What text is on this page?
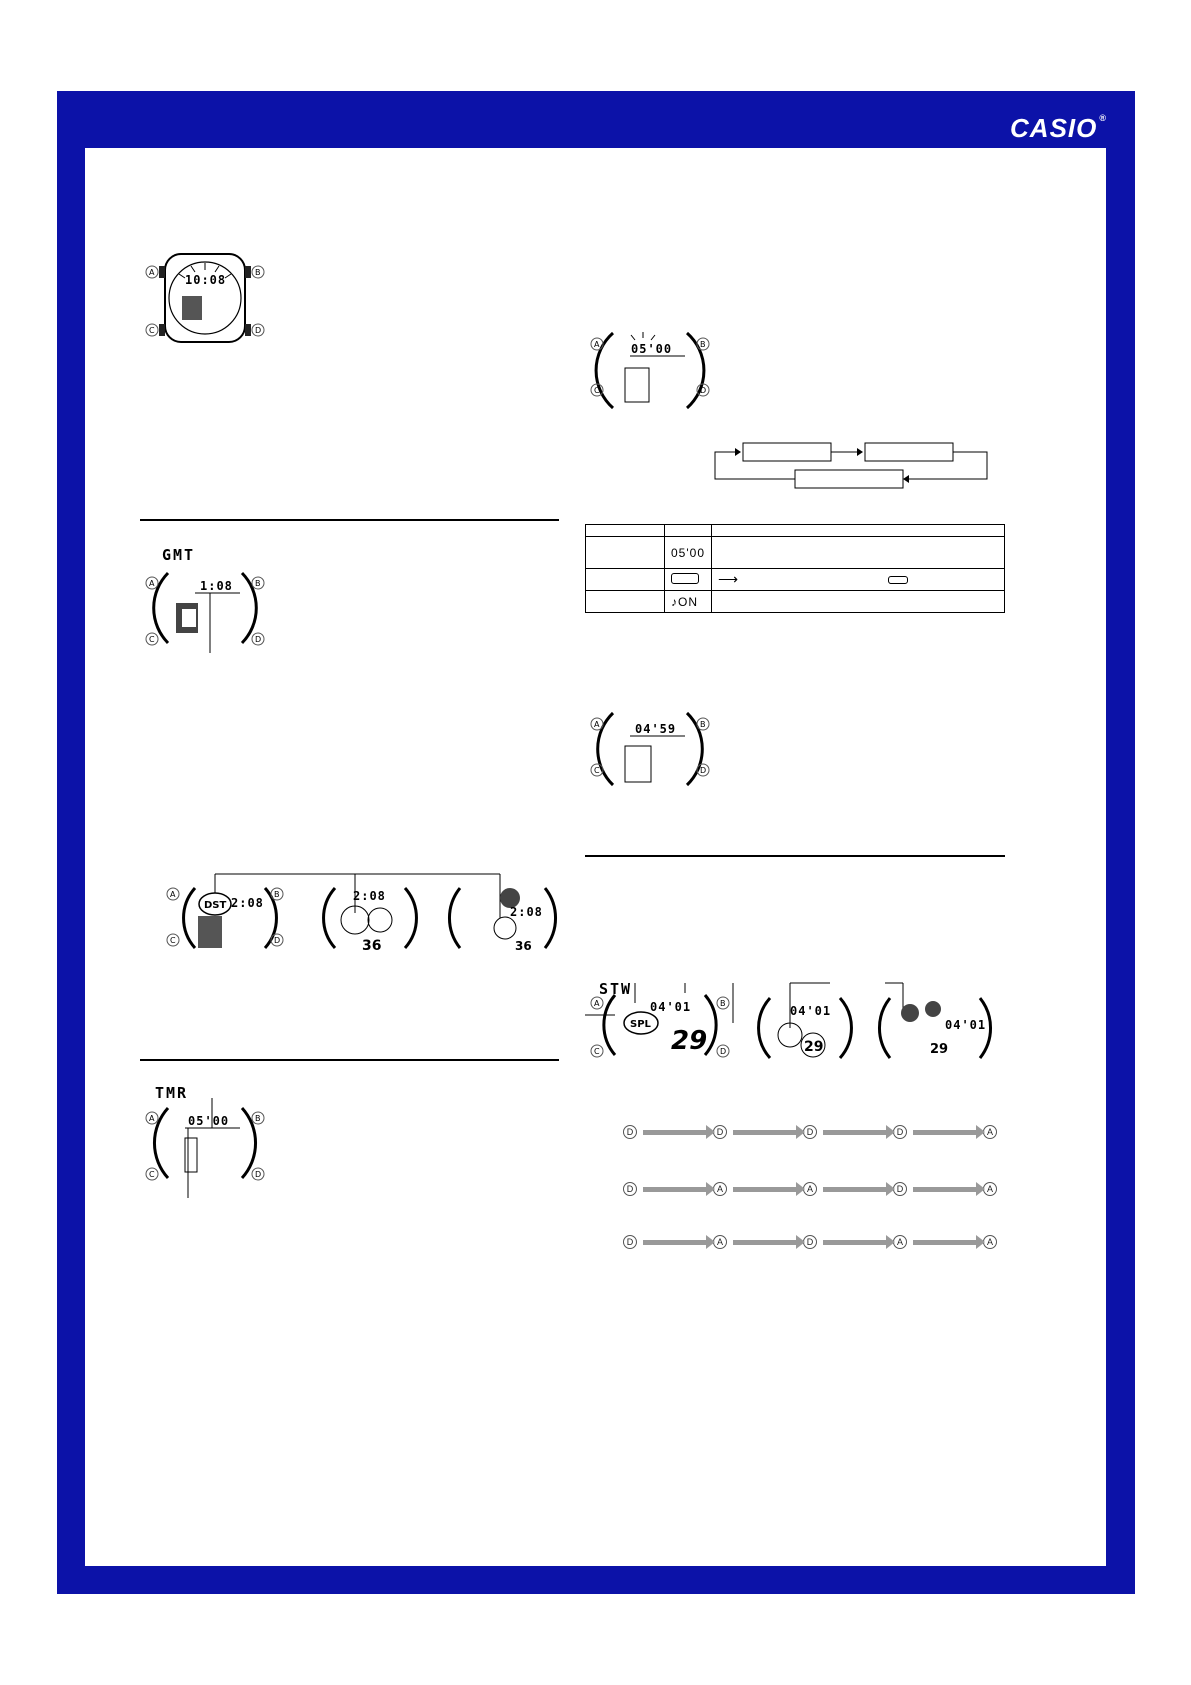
CASIO ®
10:08
A	B
C	D
GMT
1:08
A	B
C	D
DST 2:08
A	B
C	D
2:08
36
2:08
36
TMR
05'00
A	B
C	D
05'00
A	B
C	D

	05'00	
		⟶
	♪ON	
04'59
A	B
C	D
STW
04'01
SPL
29
A	B
C	D
04'01
29
04'01
29
D	D	D	D	A
D	A	A	D	A
D	A	D	A	A
